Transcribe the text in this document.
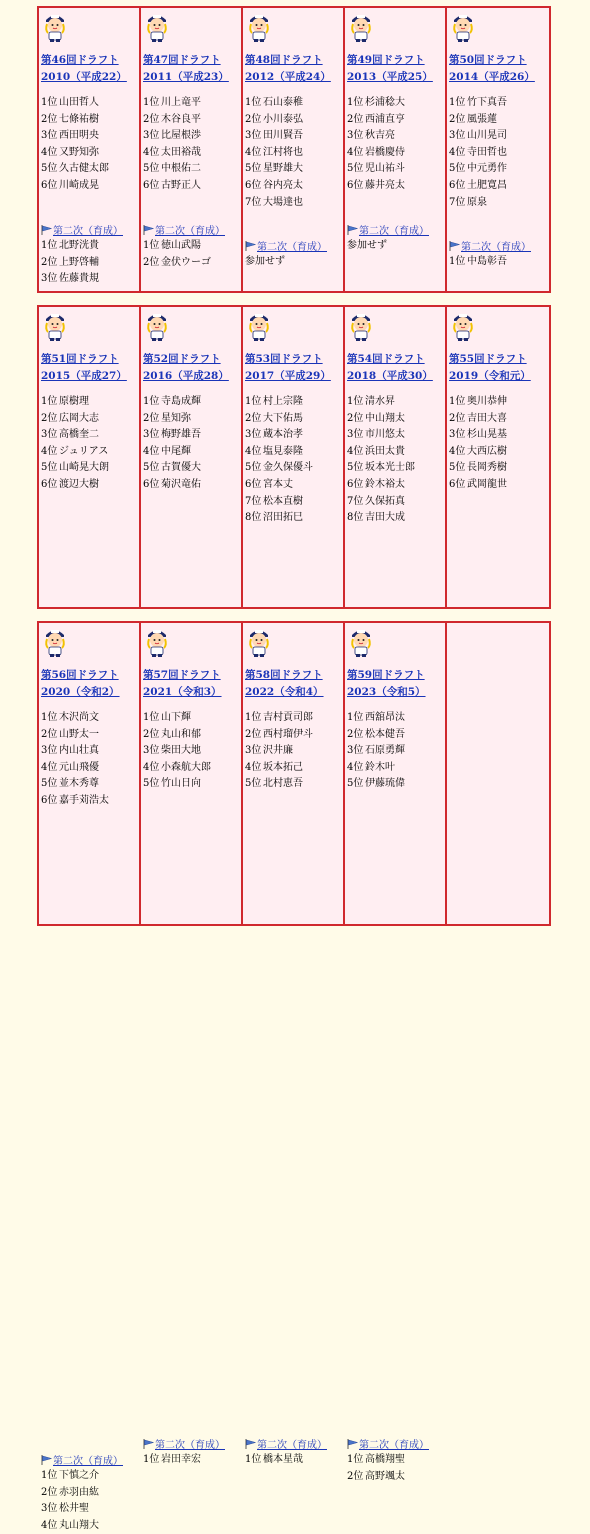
第46回ドラフト
2010（平成22）
1位 山田哲人
2位 七條祐樹
3位 西田明央
4位 又野知弥
5位 久古健太郎
6位 川崎成晃
第二次（育成）
1位 北野洸貴
2位 上野啓輔
3位 佐藤貴規
第47回ドラフト
2011（平成23）
1位 川上竜平
2位 木谷良平
3位 比屋根渉
4位 太田裕哉
5位 中根佑二
6位 古野正人
第二次（育成）
1位 徳山武陽
2位 金伏ウーゴ
第48回ドラフト
2012（平成24）
1位 石山泰稚
2位 小川泰弘
3位 田川賢吾
4位 江村将也
5位 星野雄大
6位 谷内亮太
7位 大場達也
第二次（育成）
参加せず
第49回ドラフト
2013（平成25）
1位 杉浦稔大
2位 西浦直亨
3位 秋吉亮
4位 岩橋慶侍
5位 児山祐斗
6位 藤井亮太
第二次（育成）
参加せず
第50回ドラフト
2014（平成26）
1位 竹下真吾
2位 風張蓮
3位 山川晃司
4位 寺田哲也
5位 中元勇作
6位 土肥寛昌
7位 原泉
第二次（育成）
1位 中島彰吾
第51回ドラフト
2015（平成27）
1位 原樹理
2位 広岡大志
3位 高橋奎二
4位 ジュリアス
5位 山崎晃大朗
6位 渡辺大樹
第52回ドラフト
2016（平成28）
1位 寺島成輝
2位 星知弥
3位 梅野雄吾
4位 中尾輝
5位 古賀優大
6位 菊沢竜佑
第53回ドラフト
2017（平成29）
1位 村上宗隆
2位 大下佑馬
3位 蔵本治孝
4位 塩見泰隆
5位 金久保優斗
6位 宮本丈
7位 松本直樹
8位 沼田拓巳
第54回ドラフト
2018（平成30）
1位 清水昇
2位 中山翔太
3位 市川悠太
4位 浜田太貴
5位 坂本光士郎
6位 鈴木裕太
7位 久保拓真
8位 吉田大成
第55回ドラフト
2019（令和元）
1位 奥川恭伸
2位 吉田大喜
3位 杉山晃基
4位 大西広樹
5位 長岡秀樹
6位 武岡龍世
第56回ドラフト
2020（令和2）
1位 木沢尚文
2位 山野太一
3位 内山壮真
4位 元山飛優
5位 並木秀尊
6位 嘉手苅浩太
第二次（育成）
1位 下慎之介
2位 赤羽由紘
3位 松井聖
4位 丸山翔大
第57回ドラフト
2021（令和3）
1位 山下輝
2位 丸山和郁
3位 柴田大地
4位 小森航大郎
5位 竹山日向
第二次（育成）
1位 岩田幸宏
第58回ドラフト
2022（令和4）
1位 吉村貢司郎
2位 西村瑠伊斗
3位 沢井廉
4位 坂本拓己
5位 北村恵吾
第二次（育成）
1位 橋本星哉
第59回ドラフト
2023（令和5）
1位 西舘昂汰
2位 松本健吾
3位 石原勇輝
4位 鈴木叶
5位 伊藤琉偉
第二次（育成）
1位 高橋翔聖
2位 高野颯太
